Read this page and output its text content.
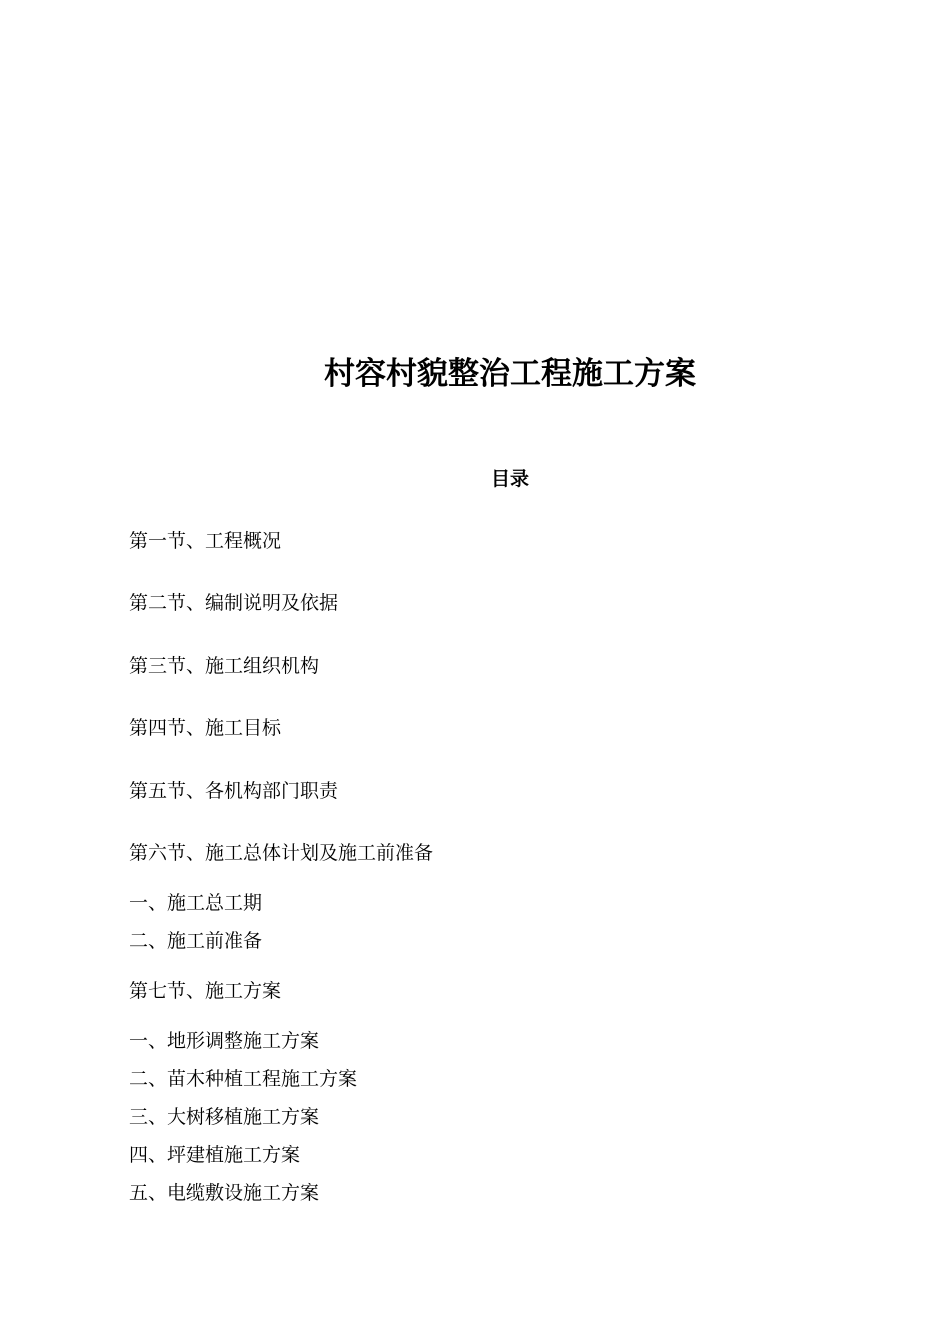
村容村貌整治工程施工方案
目录
第一节、工程概况
第二节、编制说明及依据
第三节、施工组织机构
第四节、施工目标
第五节、各机构部门职责
第六节、施工总体计划及施工前准备
一、施工总工期
二、施工前准备
第七节、施工方案
一、地形调整施工方案
二、苗木种植工程施工方案
三、大树移植施工方案
四、坪建植施工方案
五、电缆敷设施工方案
